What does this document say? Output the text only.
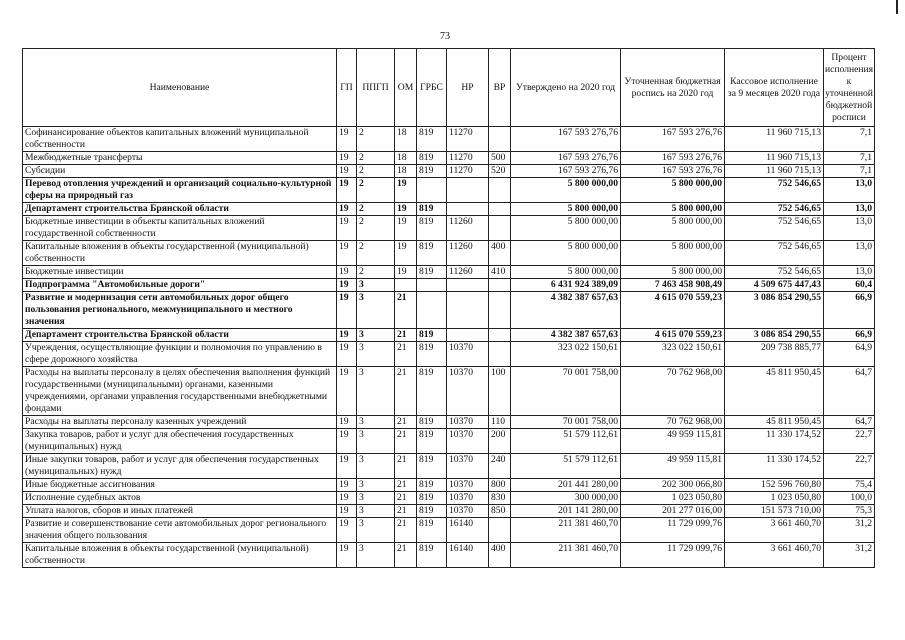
73
Наименование	ГП	ППГП	ОМ	ГРБС	НР	ВР	Утверждено на 2020 год	Уточненная бюджетная роспись на 2020 год	Кассовое исполнение за 9 месяцев 2020 года	Процент исполнения к уточненной бюджетной росписи
Софинансирование объектов капитальных вложений муниципальной собственности	19	2	18	819	11270		167 593 276,76	167 593 276,76	11 960 715,13	7,1
Межбюджетные трансферты	19	2	18	819	11270	500	167 593 276,76	167 593 276,76	11 960 715,13	7,1
Субсидии	19	2	18	819	11270	520	167 593 276,76	167 593 276,76	11 960 715,13	7,1
Перевод отопления учреждений и организаций социально-культурной сферы на природный газ	19	2	19				5 800 000,00	5 800 000,00	752 546,65	13,0
Департамент строительства Брянской области	19	2	19	819			5 800 000,00	5 800 000,00	752 546,65	13,0
Бюджетные инвестиции в объекты капитальных вложений государственной собственности	19	2	19	819	11260		5 800 000,00	5 800 000,00	752 546,65	13,0
Капитальные вложения в объекты государственной (муниципальной) собственности	19	2	19	819	11260	400	5 800 000,00	5 800 000,00	752 546,65	13,0
Бюджетные инвестиции	19	2	19	819	11260	410	5 800 000,00	5 800 000,00	752 546,65	13,0
Подпрограмма "Автомобильные дороги"	19	3					6 431 924 389,09	7 463 458 908,49	4 509 675 447,43	60,4
Развитие и модернизация сети автомобильных дорог общего пользования регионального, межмуниципального и местного значения	19	3	21				4 382 387 657,63	4 615 070 559,23	3 086 854 290,55	66,9
Департамент строительства Брянской области	19	3	21	819			4 382 387 657,63	4 615 070 559,23	3 086 854 290,55	66,9
Учреждения, осуществляющие функции и полномочия по управлению в сфере дорожного хозяйства	19	3	21	819	10370		323 022 150,61	323 022 150,61	209 738 885,77	64,9
Расходы на выплаты персоналу в целях обеспечения выполнения функций государственными (муниципальными) органами, казенными учреждениями, органами управления государственными внебюджетными фондами	19	3	21	819	10370	100	70 001 758,00	70 762 968,00	45 811 950,45	64,7
Расходы на выплаты персоналу казенных учреждений	19	3	21	819	10370	110	70 001 758,00	70 762 968,00	45 811 950,45	64,7
Закупка товаров, работ и услуг для обеспечения государственных (муниципальных) нужд	19	3	21	819	10370	200	51 579 112,61	49 959 115,81	11 330 174,52	22,7
Иные закупки товаров, работ и услуг для обеспечения государственных (муниципальных) нужд	19	3	21	819	10370	240	51 579 112,61	49 959 115,81	11 330 174,52	22,7
Иные бюджетные ассигнования	19	3	21	819	10370	800	201 441 280,00	202 300 066,80	152 596 760,80	75,4
Исполнение судебных актов	19	3	21	819	10370	830	300 000,00	1 023 050,80	1 023 050,80	100,0
Уплата налогов, сборов и иных платежей	19	3	21	819	10370	850	201 141 280,00	201 277 016,00	151 573 710,00	75,3
Развитие и совершенствование сети автомобильных дорог регионального значения общего пользования	19	3	21	819	16140		211 381 460,70	11 729 099,76	3 661 460,70	31,2
Капитальные вложения в объекты государственной (муниципальной) собственности	19	3	21	819	16140	400	211 381 460,70	11 729 099,76	3 661 460,70	31,2
